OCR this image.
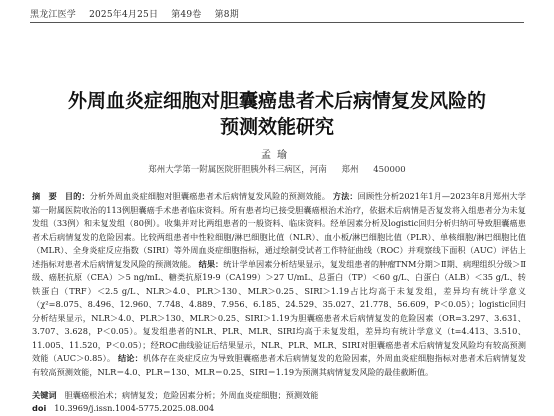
黑龙江医学 2025年4月25日 第49卷 第8期
外周血炎症细胞对胆囊癌患者术后病情复发风险的
预测效能研究
孟瑜
郑州大学第一附属医院肝胆胰外科三病区，河南 郑州 450000

摘　要 目的：分析外周血炎症细胞对胆囊癌患者术后病情复发风险的预测效能。 方法：回顾性分析2021年1月—2023年8月郑州大学第一附属医院收治的113例胆囊癌手术患者临床资料。所有患者均已接受胆囊癌根治术治疗，依据术后病情是否复发将入组患者分为未复发组（33例）和未复发组（80例）。收集并对比两组患者的一般资料、临床资料。经单因素分析及logistic回归分析归纳可导致胆囊癌患者术后病情复发的危险因素。比较两组患者中性粒细胞/淋巴细胞比值（NLR）、血小板/淋巴细胞比值（PLR）、单核细胞/淋巴细胞比值（MLR）、全身炎症反应指数（SIRI）等外周血炎症细胞指标，通过绘制受试者工作特征曲线（ROC）并观察线下面积（AUC）评估上述指标对患者术后病情复发风险的预测效能。 结果：统计学单因素分析结果显示，复发组患者的肿瘤TNM分期＞Ⅱ期、病理组织分级＞Ⅱ级、癌胚抗原（CEA）＞5 ng/mL、糖类抗原19-9（CA199）＞27 U/mL、总蛋白（TP）＜60 g/L、白蛋白（ALB）＜35 g/L、转铁蛋白（TRF）＜2.5 g/L、NLR＞4.0、PLR＞130、MLR＞0.25、SIRI＞1.19占比均高于未复发组，差异均有统计学意义（χ²=8.075、8.496、12.960、7.748、4.889、7.956、6.185、24.529、35.027、21.778、56.609，P＜0.05）；logistic回归分析结果显示，NLR＞4.0、PLR＞130、MLR＞0.25、SIRI＞1.19为胆囊癌患者术后病情复发的危险因素（OR=3.297、3.631、3.707、3.628，P＜0.05）。复发组患者的NLR、PLR、MLR、SIRI均高于未复发组，差异均有统计学意义（t=4.413、3.510、11.005、11.520，P＜0.05）；经ROC曲线验证后结果显示，NLR、PLR、MLR、SIRI对胆囊癌患者术后病情复发风险均有较高预测效能（AUC＞0.85）。 结论：机体存在炎症反应为导致胆囊癌患者术后病情复发的危险因素，外周血炎症细胞指标对患者术后病情复发有较高预测效能，NLR＝4.0、PLR＝130、MLR＝0.25、SIRI＝1.19为预测其病情复发风险的最佳截断值。

关键词 胆囊癌根治术；病情复发；危险因素分析；外周血炎症细胞；预测效能
doi 10.3969/j.issn.1004-5775.2025.08.004
